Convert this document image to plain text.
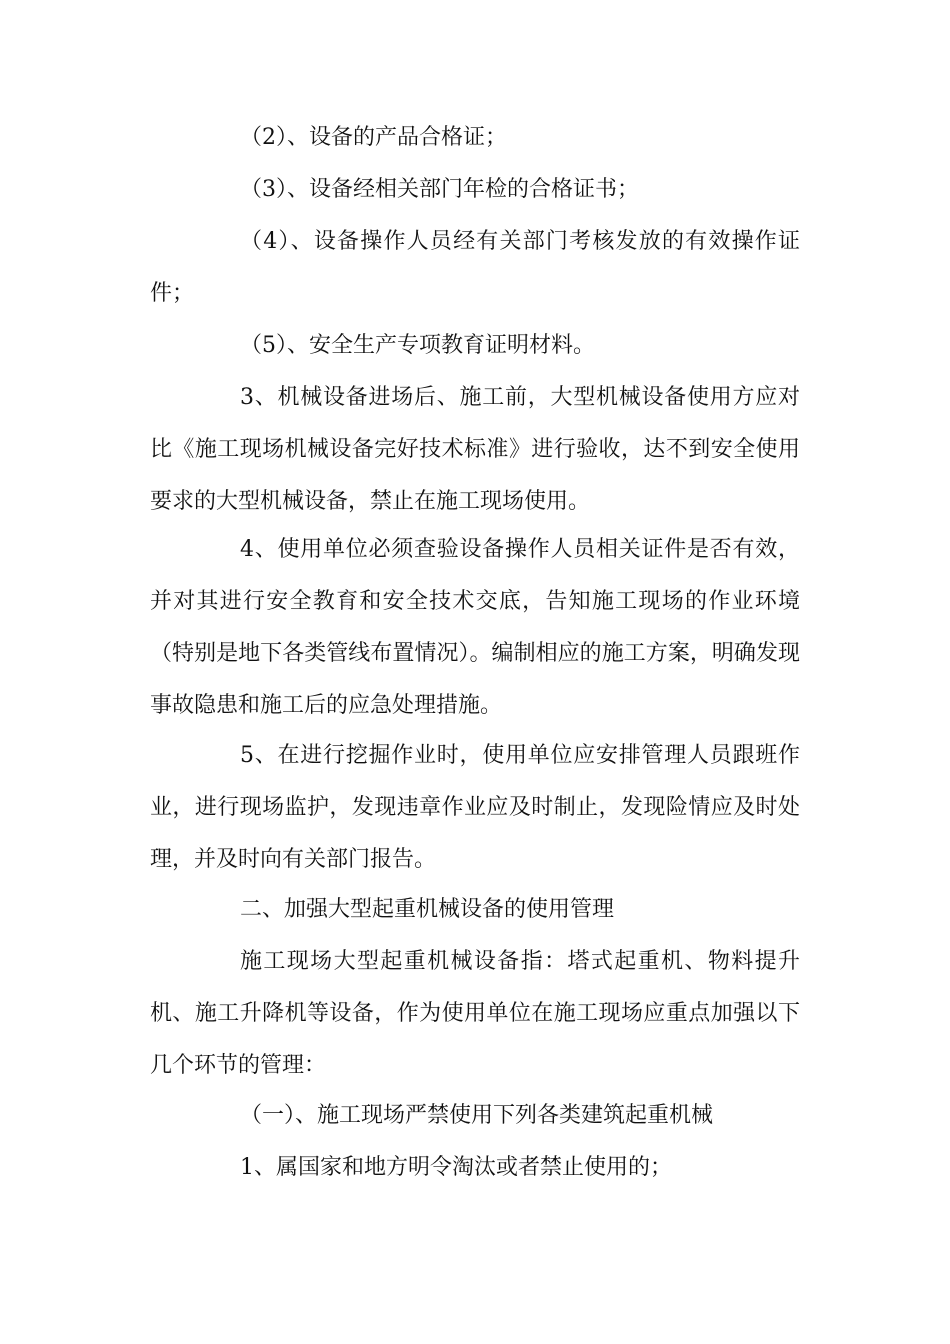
（2）、设备的产品合格证；

（3）、设备经相关部门年检的合格证书；

（4）、设备操作人员经有关部门考核发放的有效操作证件；

（5）、安全生产专项教育证明材料。

3、机械设备进场后、施工前，大型机械设备使用方应对比《施工现场机械设备完好技术标准》进行验收，达不到安全使用要求的大型机械设备，禁止在施工现场使用。

4、使用单位必须查验设备操作人员相关证件是否有效，并对其进行安全教育和安全技术交底，告知施工现场的作业环境（特别是地下各类管线布置情况）。编制相应的施工方案，明确发现事故隐患和施工后的应急处理措施。

5、在进行挖掘作业时，使用单位应安排管理人员跟班作业，进行现场监护，发现违章作业应及时制止，发现险情应及时处理，并及时向有关部门报告。

二、加强大型起重机械设备的使用管理

施工现场大型起重机械设备指：塔式起重机、物料提升机、施工升降机等设备，作为使用单位在施工现场应重点加强以下几个环节的管理：

（一）、施工现场严禁使用下列各类建筑起重机械

1、属国家和地方明令淘汰或者禁止使用的；
